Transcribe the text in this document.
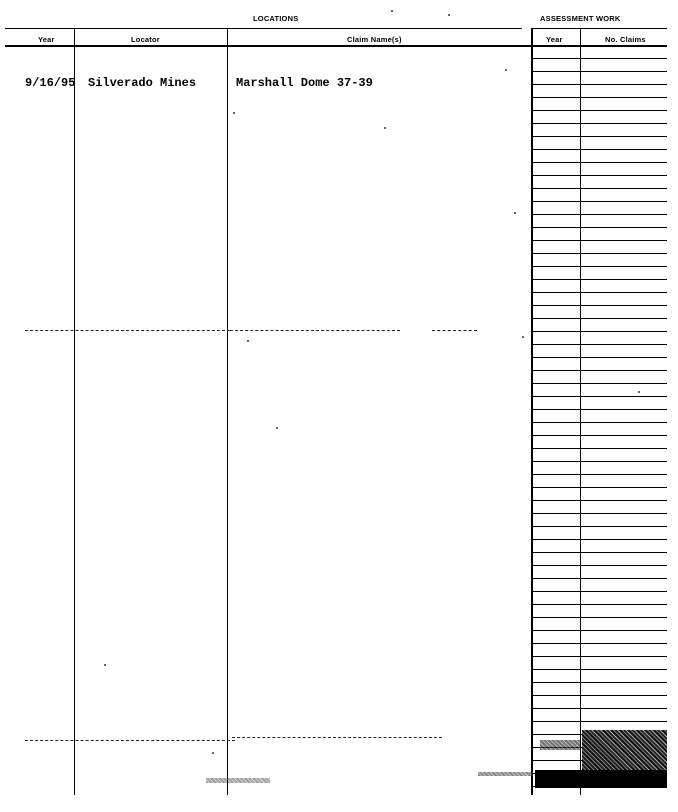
LOCATIONS	ASSESSMENT WORK
Year	Locator	Claim Name(s)	Year	No. Claims
9/16/95 Silverado Mines	Marshall Dome 37-39
